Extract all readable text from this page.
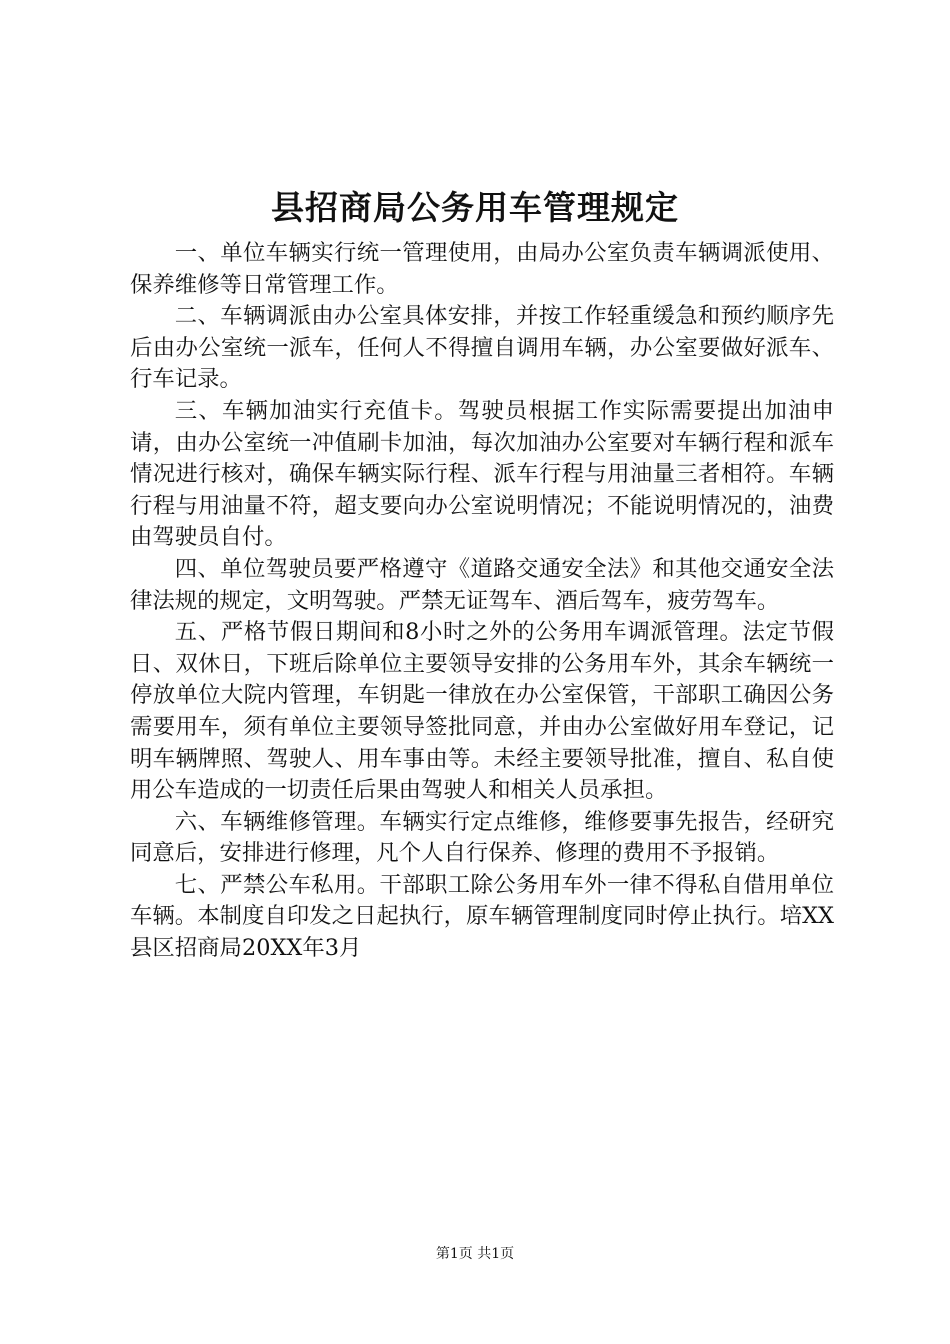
县招商局公务用车管理规定

一、单位车辆实行统一管理使用，由局办公室负责车辆调派使用、保养维修等日常管理工作。

二、车辆调派由办公室具体安排，并按工作轻重缓急和预约顺序先后由办公室统一派车，任何人不得擅自调用车辆，办公室要做好派车、行车记录。

三、车辆加油实行充值卡。驾驶员根据工作实际需要提出加油申请，由办公室统一冲值刷卡加油，每次加油办公室要对车辆行程和派车情况进行核对，确保车辆实际行程、派车行程与用油量三者相符。车辆行程与用油量不符，超支要向办公室说明情况；不能说明情况的，油费由驾驶员自付。

四、单位驾驶员要严格遵守《道路交通安全法》和其他交通安全法律法规的规定，文明驾驶。严禁无证驾车、酒后驾车，疲劳驾车。

五、严格节假日期间和8小时之外的公务用车调派管理。法定节假日、双休日，下班后除单位主要领导安排的公务用车外，其余车辆统一停放单位大院内管理，车钥匙一律放在办公室保管，干部职工确因公务需要用车，须有单位主要领导签批同意，并由办公室做好用车登记，记明车辆牌照、驾驶人、用车事由等。未经主要领导批准，擅自、私自使用公车造成的一切责任后果由驾驶人和相关人员承担。

六、车辆维修管理。车辆实行定点维修，维修要事先报告，经研究同意后，安排进行修理，凡个人自行保养、修理的费用不予报销。

七、严禁公车私用。干部职工除公务用车外一律不得私自借用单位车辆。本制度自印发之日起执行，原车辆管理制度同时停止执行。培XX县区招商局20XX年3月

第1页 共1页
